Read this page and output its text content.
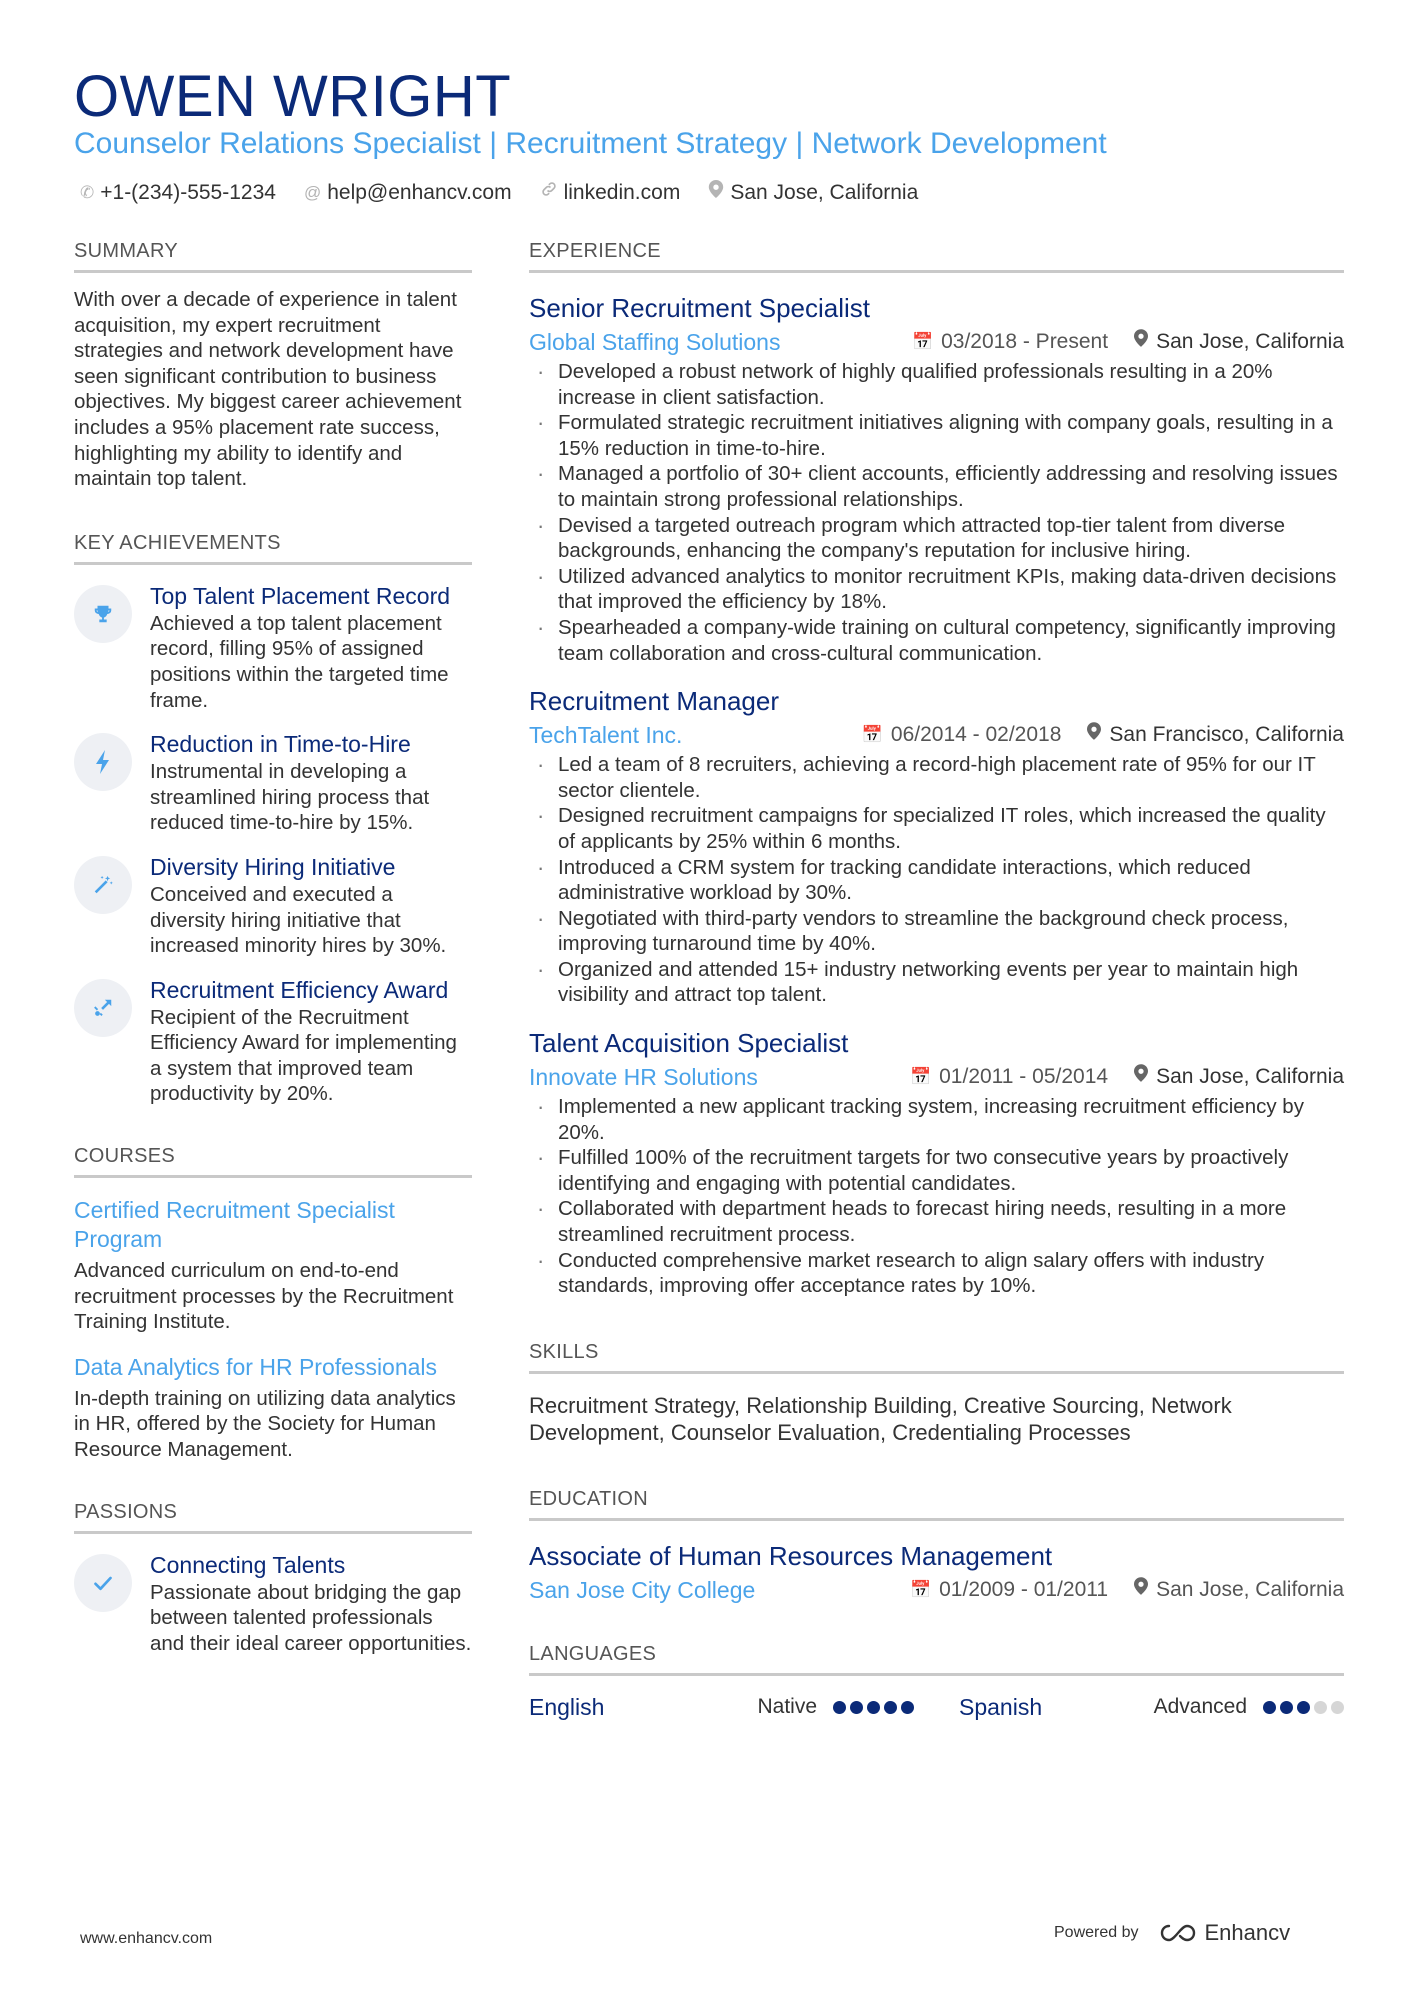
OWEN WRIGHT
Counselor Relations Specialist | Recruitment Strategy | Network Development
✆ +1-(234)-555-1234 @ help@enhancv.com linkedin.com San Jose, California
SUMMARY

With over a decade of experience in talent acquisition, my expert recruitment strategies and network development have seen significant contribution to business objectives. My biggest career achievement includes a 95% placement rate success, highlighting my ability to identify and maintain top talent.

KEY ACHIEVEMENTS
Top Talent Placement Record

Achieved a top talent placement record, filling 95% of assigned positions within the targeted time frame.

Reduction in Time-to-Hire

Instrumental in developing a streamlined hiring process that reduced time-to-hire by 15%.

Diversity Hiring Initiative

Conceived and executed a diversity hiring initiative that increased minority hires by 30%.

Recruitment Efficiency Award

Recipient of the Recruitment Efficiency Award for implementing a system that improved team productivity by 20%.

COURSES
Certified Recruitment Specialist Program

Advanced curriculum on end-to-end recruitment processes by the Recruitment Training Institute.

Data Analytics for HR Professionals

In-depth training on utilizing data analytics in HR, offered by the Society for Human Resource Management.

PASSIONS
Connecting Talents

Passionate about bridging the gap between talented professionals and their ideal career opportunities.

EXPERIENCE
Senior Recruitment Specialist
Global Staffing Solutions	📅 03/2018 - Present San Jose, California
· Developed a robust network of highly qualified professionals resulting in a 20% increase in client satisfaction.
· Formulated strategic recruitment initiatives aligning with company goals, resulting in a 15% reduction in time-to-hire.
· Managed a portfolio of 30+ client accounts, efficiently addressing and resolving issues to maintain strong professional relationships.
· Devised a targeted outreach program which attracted top-tier talent from diverse backgrounds, enhancing the company's reputation for inclusive hiring.
· Utilized advanced analytics to monitor recruitment KPIs, making data-driven decisions that improved the efficiency by 18%.
· Spearheaded a company-wide training on cultural competency, significantly improving team collaboration and cross-cultural communication.
Recruitment Manager
TechTalent Inc.	📅 06/2014 - 02/2018 San Francisco, California
· Led a team of 8 recruiters, achieving a record-high placement rate of 95% for our IT sector clientele.
· Designed recruitment campaigns for specialized IT roles, which increased the quality of applicants by 25% within 6 months.
· Introduced a CRM system for tracking candidate interactions, which reduced administrative workload by 30%.
· Negotiated with third-party vendors to streamline the background check process, improving turnaround time by 40%.
· Organized and attended 15+ industry networking events per year to maintain high visibility and attract top talent.
Talent Acquisition Specialist
Innovate HR Solutions	📅 01/2011 - 05/2014 San Jose, California
· Implemented a new applicant tracking system, increasing recruitment efficiency by 20%.
· Fulfilled 100% of the recruitment targets for two consecutive years by proactively identifying and engaging with potential candidates.
· Collaborated with department heads to forecast hiring needs, resulting in a more streamlined recruitment process.
· Conducted comprehensive market research to align salary offers with industry standards, improving offer acceptance rates by 10%.
SKILLS

Recruitment Strategy, Relationship Building, Creative Sourcing, Network Development, Counselor Evaluation, Credentialing Processes

EDUCATION
Associate of Human Resources Management
San Jose City College	📅 01/2009 - 01/2011 San Jose, California
LANGUAGES
English	Native	Spanish	Advanced
www.enhancv.com	Powered by	Enhancv
